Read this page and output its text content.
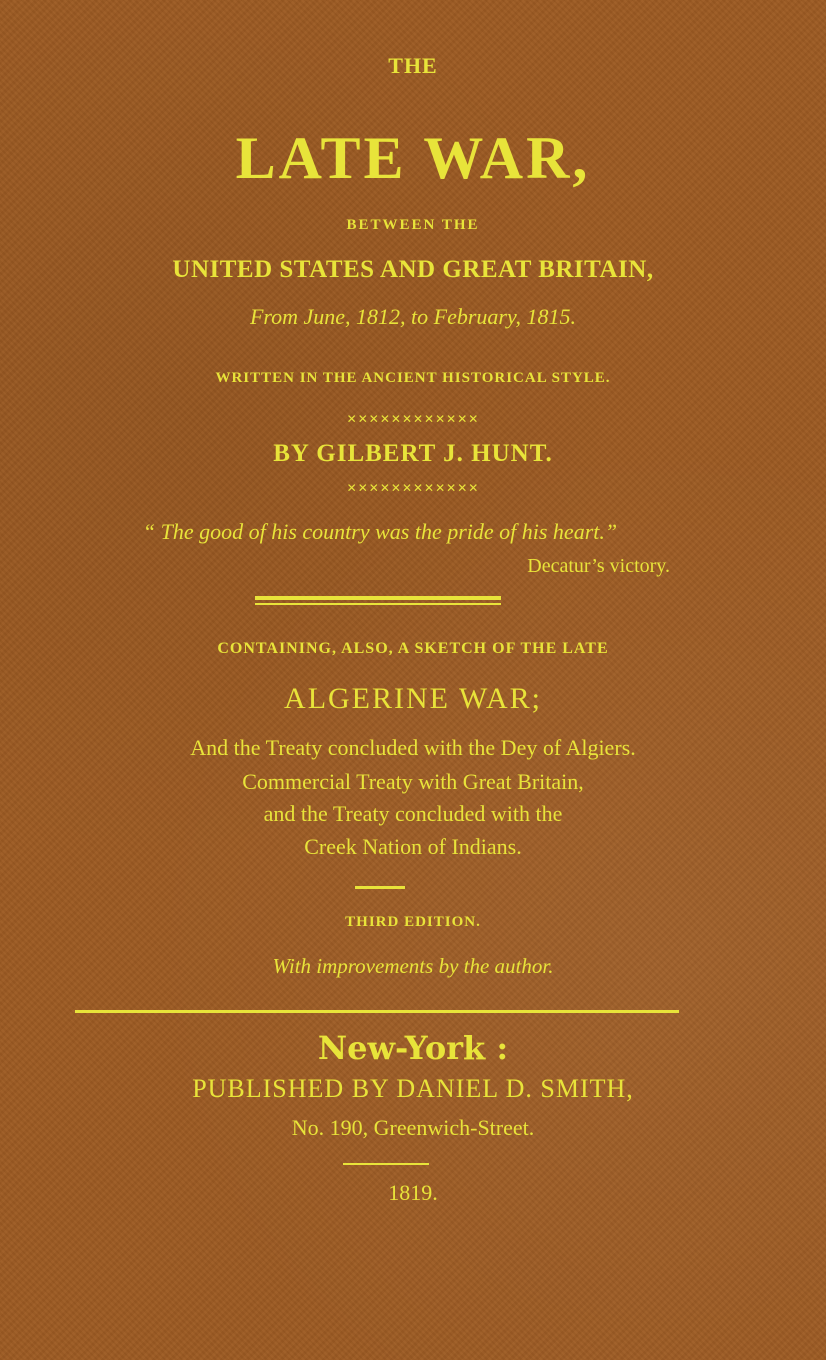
THE
LATE WAR,
BETWEEN THE
UNITED STATES AND GREAT BRITAIN,
From June, 1812, to February, 1815.
WRITTEN IN THE ANCIENT HISTORICAL STYLE.
✕✕✕✕✕✕✕✕✕✕✕✕
BY GILBERT J. HUNT.
✕✕✕✕✕✕✕✕✕✕✕✕
“ The good of his country was the pride of his heart.”
Decatur’s victory.
CONTAINING, ALSO, A SKETCH OF THE LATE
ALGERINE WAR;
And the Treaty concluded with the Dey of Algiers.
Commercial Treaty with Great Britain,
and the Treaty concluded with the
Creek Nation of Indians.
THIRD EDITION.
With improvements by the author.
New-York :
PUBLISHED BY DANIEL D. SMITH,
No. 190, Greenwich-Street.
1819.
